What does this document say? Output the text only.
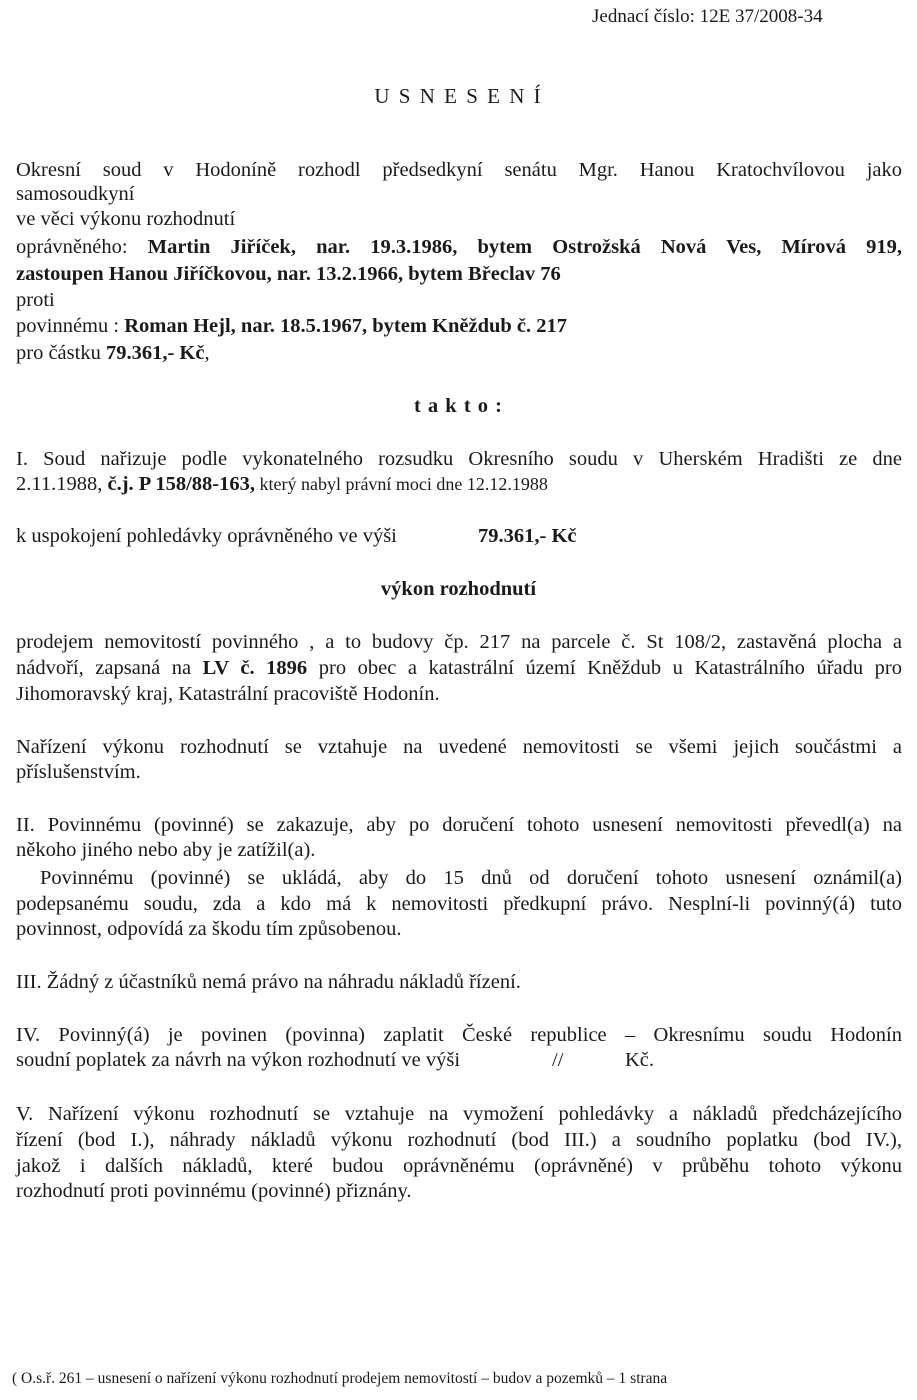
Jednací číslo: 12E 37/2008-34
U S N E S E N Í
Okresní soud v Hodoníně rozhodl předsedkyní senátu Mgr. Hanou Kratochvílovou jako
samosoudkyní
ve věci výkonu rozhodnutí
oprávněného: Martin Jiříček, nar. 19.3.1986, bytem Ostrožská Nová Ves, Mírová 919,
zastoupen Hanou Jiříčkovou, nar. 13.2.1966, bytem Břeclav 76
proti
povinnému : Roman Hejl, nar. 18.5.1967, bytem Kněždub č. 217
pro částku 79.361,- Kč,
t a k t o :
I. Soud nařizuje podle vykonatelného rozsudku Okresního soudu v Uherském Hradišti ze dne
2.11.1988, č.j. P 158/88-163, který nabyl právní moci dne 12.12.1988
k uspokojení pohledávky oprávněného ve výši	79.361,- Kč
výkon rozhodnutí
prodejem nemovitostí povinného , a to budovy čp. 217 na parcele č. St 108/2, zastavěná plocha a
nádvoří, zapsaná na LV č. 1896 pro obec a katastrální území Kněždub u Katastrálního úřadu pro
Jihomoravský kraj, Katastrální pracoviště Hodonín.
Nařízení výkonu rozhodnutí se vztahuje na uvedené nemovitosti se všemi jejich součástmi a
příslušenstvím.
II. Povinnému (povinné) se zakazuje, aby po doručení tohoto usnesení nemovitosti převedl(a) na
někoho jiného nebo aby je zatížil(a).
Povinnému (povinné) se ukládá, aby do 15 dnů od doručení tohoto usnesení oznámil(a)
podepsanému soudu, zda a kdo má k nemovitosti předkupní právo. Nesplní-li povinný(á) tuto
povinnost, odpovídá za škodu tím způsobenou.
III. Žádný z účastníků nemá právo na náhradu nákladů řízení.
IV. Povinný(á) je povinen (povinna) zaplatit České republice – Okresnímu soudu Hodonín
soudní poplatek za návrh na výkon rozhodnutí ve výši	//	Kč.
V. Nařízení výkonu rozhodnutí se vztahuje na vymožení pohledávky a nákladů předcházejícího
řízení (bod I.), náhrady nákladů výkonu rozhodnutí (bod III.) a soudního poplatku (bod IV.),
jakož i dalších nákladů, které budou oprávněnému (oprávněné) v průběhu tohoto výkonu
rozhodnutí proti povinnému (povinné) přiznány.
( O.s.ř. 261 – usnesení o nařízení výkonu rozhodnutí prodejem nemovitostí – budov a pozemků – 1 strana
